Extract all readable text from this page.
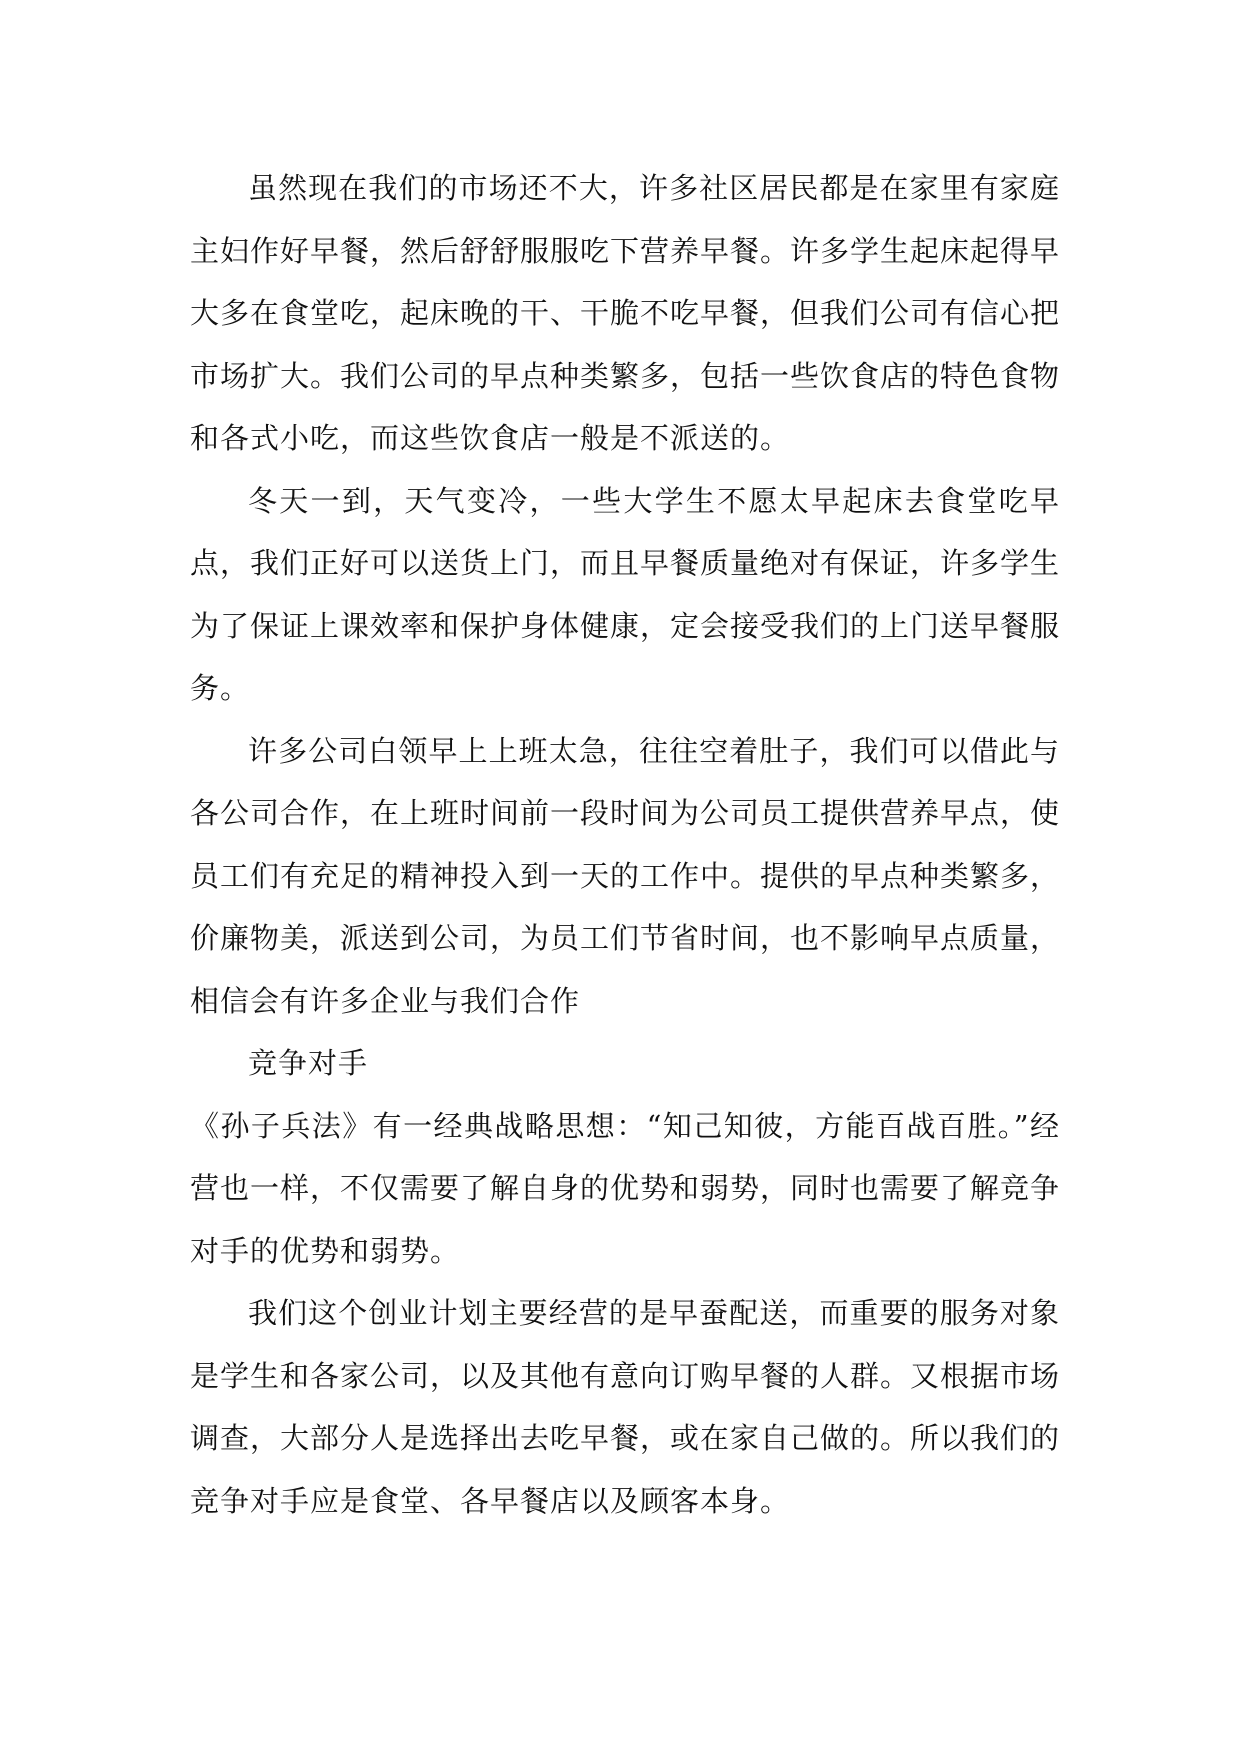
虽然现在我们的市场还不大，许多社区居民都是在家里有家庭主妇作好早餐，然后舒舒服服吃下营养早餐。许多学生起床起得早大多在食堂吃，起床晚的干、干脆不吃早餐，但我们公司有信心把市场扩大。我们公司的早点种类繁多，包括一些饮食店的特色食物和各式小吃，而这些饮食店一般是不派送的。

冬天一到，天气变冷，一些大学生不愿太早起床去食堂吃早点，我们正好可以送货上门，而且早餐质量绝对有保证，许多学生为了保证上课效率和保护身体健康，定会接受我们的上门送早餐服务。

许多公司白领早上上班太急，往往空着肚子，我们可以借此与各公司合作，在上班时间前一段时间为公司员工提供营养早点，使员工们有充足的精神投入到一天的工作中。提供的早点种类繁多，价廉物美，派送到公司，为员工们节省时间，也不影响早点质量，相信会有许多企业与我们合作

竞争对手

《孙子兵法》有一经典战略思想：“知己知彼，方能百战百胜。”经营也一样，不仅需要了解自身的优势和弱势，同时也需要了解竞争对手的优势和弱势。

我们这个创业计划主要经营的是早蚕配送，而重要的服务对象是学生和各家公司，以及其他有意向订购早餐的人群。又根据市场调查，大部分人是选择出去吃早餐，或在家自己做的。所以我们的竞争对手应是食堂、各早餐店以及顾客本身。
